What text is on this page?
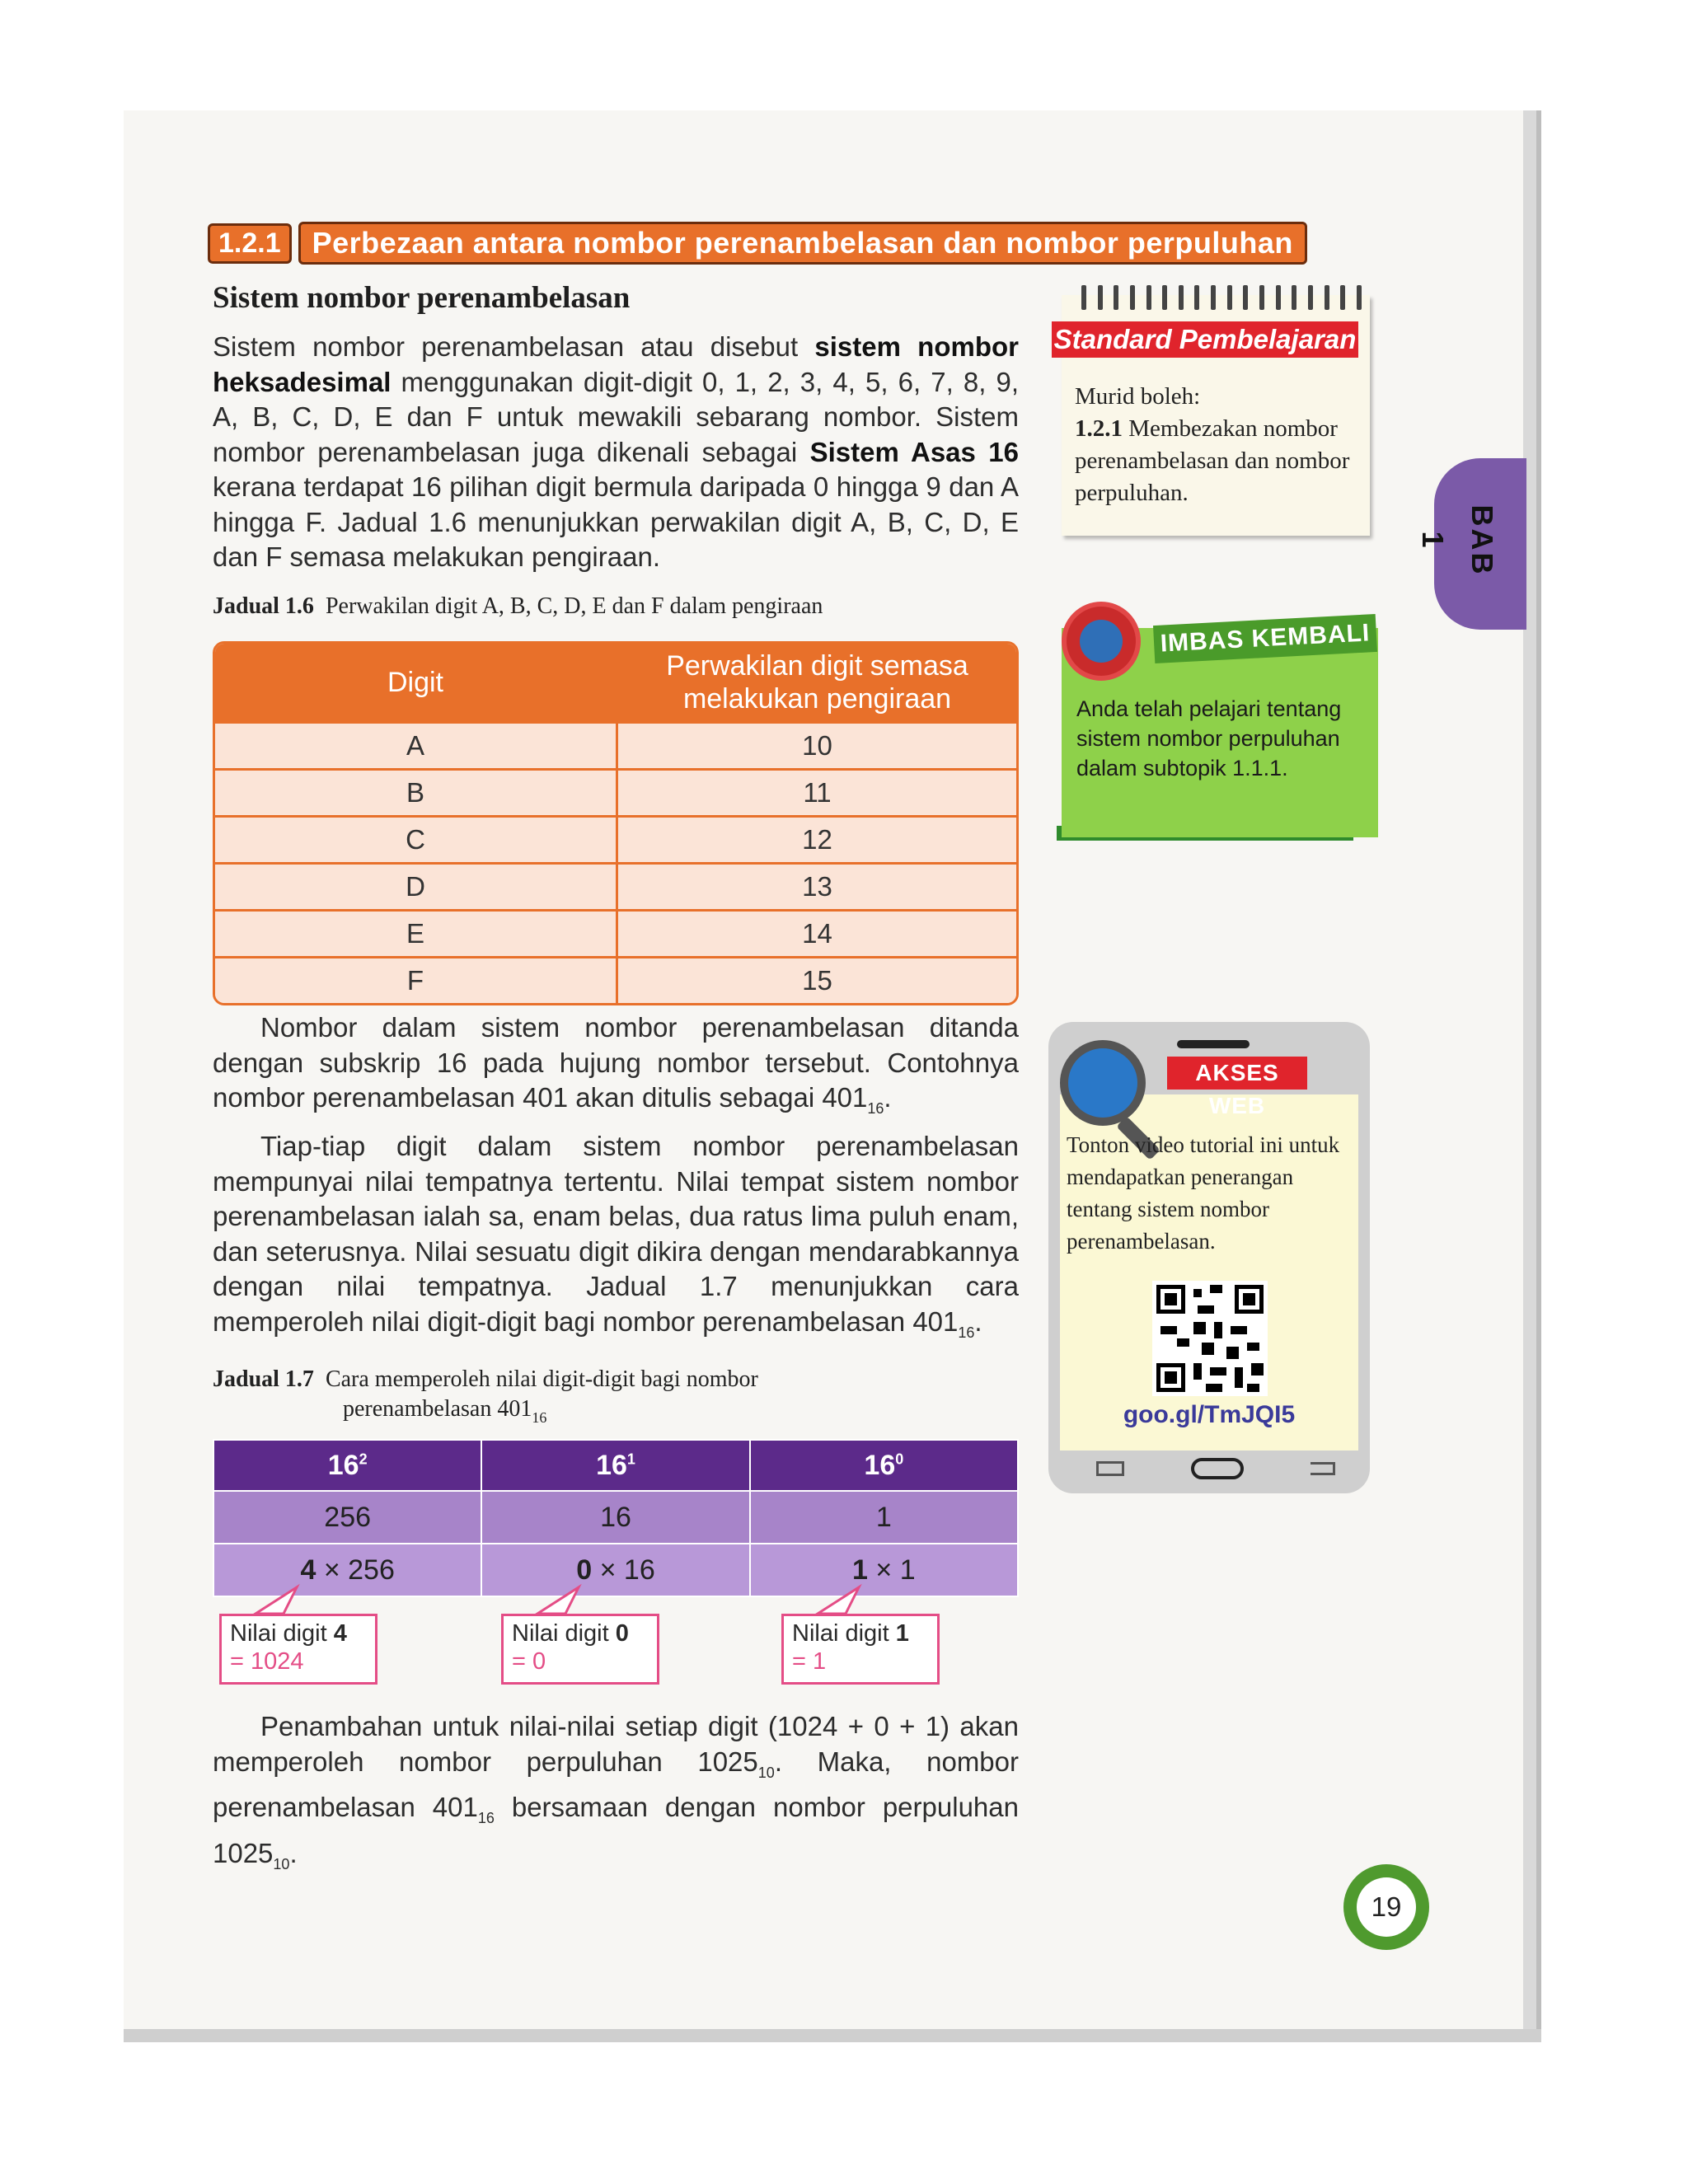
1.2.1	Perbezaan antara nombor perenambelasan dan nombor perpuluhan
Sistem nombor perenambelasan
Sistem nombor perenambelasan atau disebut sistem nombor heksadesimal menggunakan digit-digit 0, 1, 2, 3, 4, 5, 6, 7, 8, 9, A, B, C, D, E dan F untuk mewakili sebarang nombor. Sistem nombor perenambelasan juga dikenali sebagai Sistem Asas 16 kerana terdapat 16 pilihan digit bermula daripada 0 hingga 9 dan A hingga F. Jadual 1.6 menunjukkan perwakilan digit A, B, C, D, E dan F semasa melakukan pengiraan.
Jadual 1.6 Perwakilan digit A, B, C, D, E dan F dalam pengiraan
Digit	Perwakilan digit semasa melakukan pengiraan
A	10
B	11
C	12
D	13
E	14
F	15
Nombor dalam sistem nombor perenambelasan ditanda dengan subskrip 16 pada hujung nombor tersebut. Contohnya nombor perenambelasan 401 akan ditulis sebagai $401_{16}$.
Tiap-tiap digit dalam sistem nombor perenambelasan mempunyai nilai tempatnya tertentu. Nilai tempat sistem nombor perenambelasan ialah sa, enam belas, dua ratus lima puluh enam, dan seterusnya. Nilai sesuatu digit dikira dengan mendarabkannya dengan nilai tempatnya. Jadual 1.7 menunjukkan cara memperoleh nilai digit-digit bagi nombor perenambelasan $401_{16}$.
Jadual 1.7 Cara memperoleh nilai digit-digit bagi nombor
perenambelasan $401_{16}$
$16^2$	$16^1$	$16^0$
256	16	1
4 × 256	0 × 16	1 × 1
Nilai digit 4
= 1024
Nilai digit 0
= 0
Nilai digit 1
= 1
Penambahan untuk nilai-nilai setiap digit (1024 + 0 + 1) akan memperoleh nombor perpuluhan $1025_{10}$. Maka, nombor perenambelasan $401_{16}$ bersamaan dengan nombor perpuluhan $1025_{10}$.
Standard Pembelajaran
Murid boleh:
1.2.1 Membezakan nombor perenambelasan dan nombor perpuluhan.
IMBAS KEMBALI
Anda telah pelajari tentang sistem nombor perpuluhan dalam subtopik 1.1.1.
AKSES WEB
Tonton video tutorial ini untuk mendapatkan penerangan tentang sistem nombor perenambelasan.
goo.gl/TmJQI5
BAB 1
19
